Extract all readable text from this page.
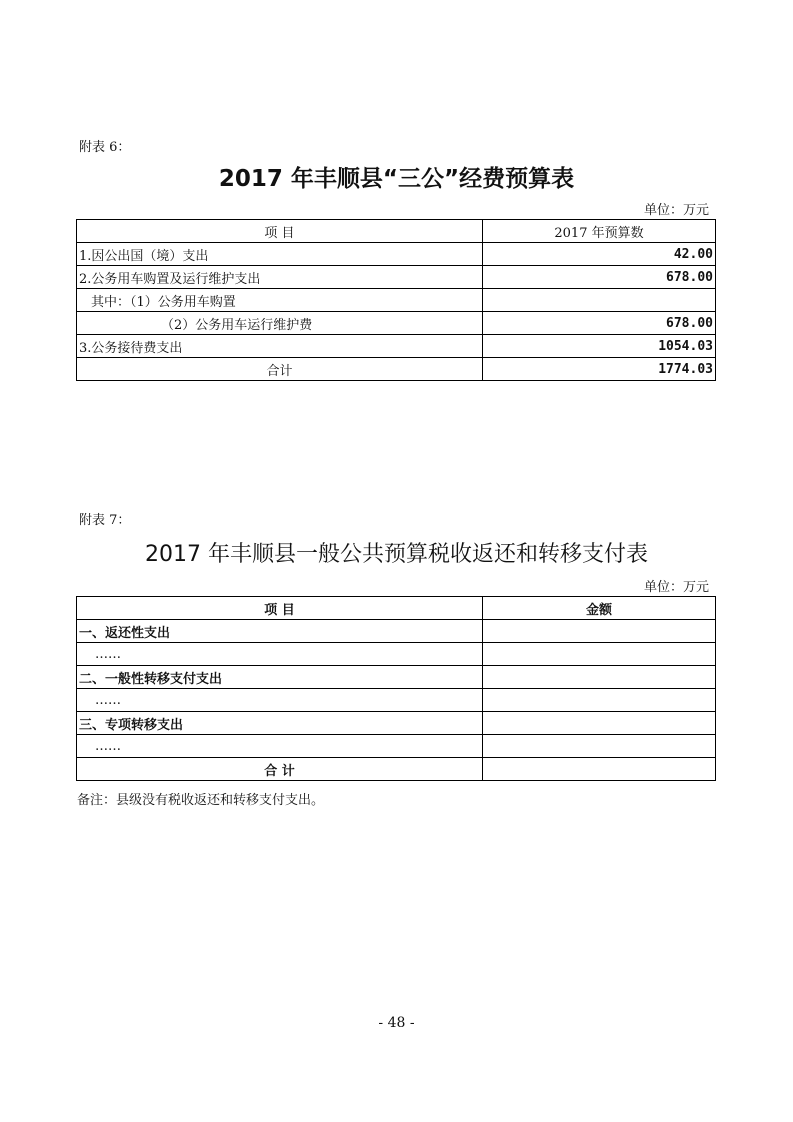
附表 6：
2017 年丰顺县“三公”经费预算表
单位：万元
项 目	2017 年预算数
1.因公出国（境）支出	42.00
2.公务用车购置及运行维护支出	678.00
其中：（1）公务用车购置	
（2）公务用车运行维护费	678.00
3.公务接待费支出	1054.03
合计	1774.03
附表 7：
2017 年丰顺县一般公共预算税收返还和转移支付表
单位：万元
项 目	金额
一、返还性支出	
……	
二、一般性转移支付支出	
……	
三、专项转移支出	
……	
合 计	
备注：县级没有税收返还和转移支付支出。
- 48 -
